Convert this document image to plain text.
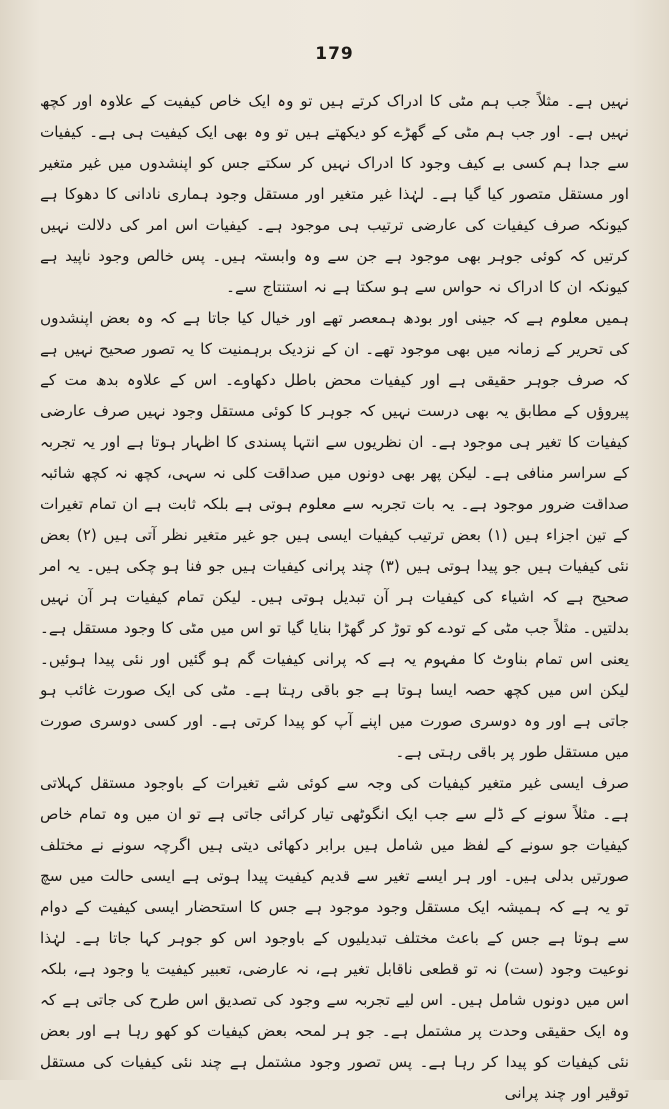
179

نہیں ہے۔ مثلاً جب ہم مٹی کا ادراک کرتے ہیں تو وہ ایک خاص کیفیت کے علاوہ اور کچھ نہیں ہے۔ اور جب ہم مٹی کے گھڑے کو دیکھتے ہیں تو وہ بھی ایک کیفیت ہی ہے۔ کیفیات سے جدا ہم کسی بے کیف وجود کا ادراک نہیں کر سکتے جس کو اپنشدوں میں غیر متغیر اور مستقل متصور کیا گیا ہے۔ لہٰذا غیر متغیر اور مستقل وجود ہماری نادانی کا دھوکا ہے کیونکہ صرف کیفیات کی عارضی ترتیب ہی موجود ہے۔ کیفیات اس امر کی دلالت نہیں کرتیں کہ کوئی جوہر بھی موجود ہے جن سے وہ وابستہ ہیں۔ پس خالص وجود ناپید ہے کیونکہ ان کا ادراک نہ حواس سے ہو سکتا ہے نہ استنتاج سے۔

ہمیں معلوم ہے کہ جینی اور بودھ ہمعصر تھے اور خیال کیا جاتا ہے کہ وہ بعض اپنشدوں کی تحریر کے زمانہ میں بھی موجود تھے۔ ان کے نزدیک برہمنیت کا یہ تصور صحیح نہیں ہے کہ صرف جوہر حقیقی ہے اور کیفیات محض باطل دکھاوے۔ اس کے علاوہ بدھ مت کے پیروؤں کے مطابق یہ بھی درست نہیں کہ جوہر کا کوئی مستقل وجود نہیں صرف عارضی کیفیات کا تغیر ہی موجود ہے۔ ان نظریوں سے انتہا پسندی کا اظہار ہوتا ہے اور یہ تجربہ کے سراسر منافی ہے۔ لیکن پھر بھی دونوں میں صداقت کلی نہ سہی، کچھ نہ کچھ شائبہ صداقت ضرور موجود ہے۔ یہ بات تجربہ سے معلوم ہوتی ہے بلکہ ثابت ہے ان تمام تغیرات کے تین اجزاء ہیں (۱) بعض ترتیب کیفیات ایسی ہیں جو غیر متغیر نظر آتی ہیں (۲) بعض نئی کیفیات ہیں جو پیدا ہوتی ہیں (۳) چند پرانی کیفیات ہیں جو فنا ہو چکی ہیں۔ یہ امر صحیح ہے کہ اشیاء کی کیفیات ہر آن تبدیل ہوتی ہیں۔ لیکن تمام کیفیات ہر آن نہیں بدلتیں۔ مثلاً جب مٹی کے تودے کو توڑ کر گھڑا بنایا گیا تو اس میں مٹی کا وجود مستقل ہے۔ یعنی اس تمام بناوٹ کا مفہوم یہ ہے کہ پرانی کیفیات گم ہو گئیں اور نئی پیدا ہوئیں۔ لیکن اس میں کچھ حصہ ایسا ہوتا ہے جو باقی رہتا ہے۔ مٹی کی ایک صورت غائب ہو جاتی ہے اور وہ دوسری صورت میں اپنے آپ کو پیدا کرتی ہے۔ اور کسی دوسری صورت میں مستقل طور پر باقی رہتی ہے۔

صرف ایسی غیر متغیر کیفیات کی وجہ سے کوئی شے تغیرات کے باوجود مستقل کہلاتی ہے۔ مثلاً سونے کے ڈلے سے جب ایک انگوٹھی تیار کرائی جاتی ہے تو ان میں وہ تمام خاص کیفیات جو سونے کے لفظ میں شامل ہیں برابر دکھائی دیتی ہیں اگرچہ سونے نے مختلف صورتیں بدلی ہیں۔ اور ہر ایسے تغیر سے قدیم کیفیت پیدا ہوتی ہے ایسی حالت میں سچ تو یہ ہے کہ ہمیشہ ایک مستقل وجود موجود ہے جس کا استحضار ایسی کیفیت کے دوام سے ہوتا ہے جس کے باعث مختلف تبدیلیوں کے باوجود اس کو جوہر کہا جاتا ہے۔ لہٰذا نوعیت وجود (ست) نہ تو قطعی ناقابل تغیر ہے، نہ عارضی، تعبیر کیفیت یا وجود ہے، بلکہ اس میں دونوں شامل ہیں۔ اس لیے تجربہ سے وجود کی تصدیق اس طرح کی جاتی ہے کہ وہ ایک حقیقی وحدت پر مشتمل ہے۔ جو ہر لمحہ بعض کیفیات کو کھو رہا ہے اور بعض نئی کیفیات کو پیدا کر رہا ہے۔ پس تصور وجود مشتمل ہے چند نئی کیفیات کی مستقل توقیر اور چند پرانی
